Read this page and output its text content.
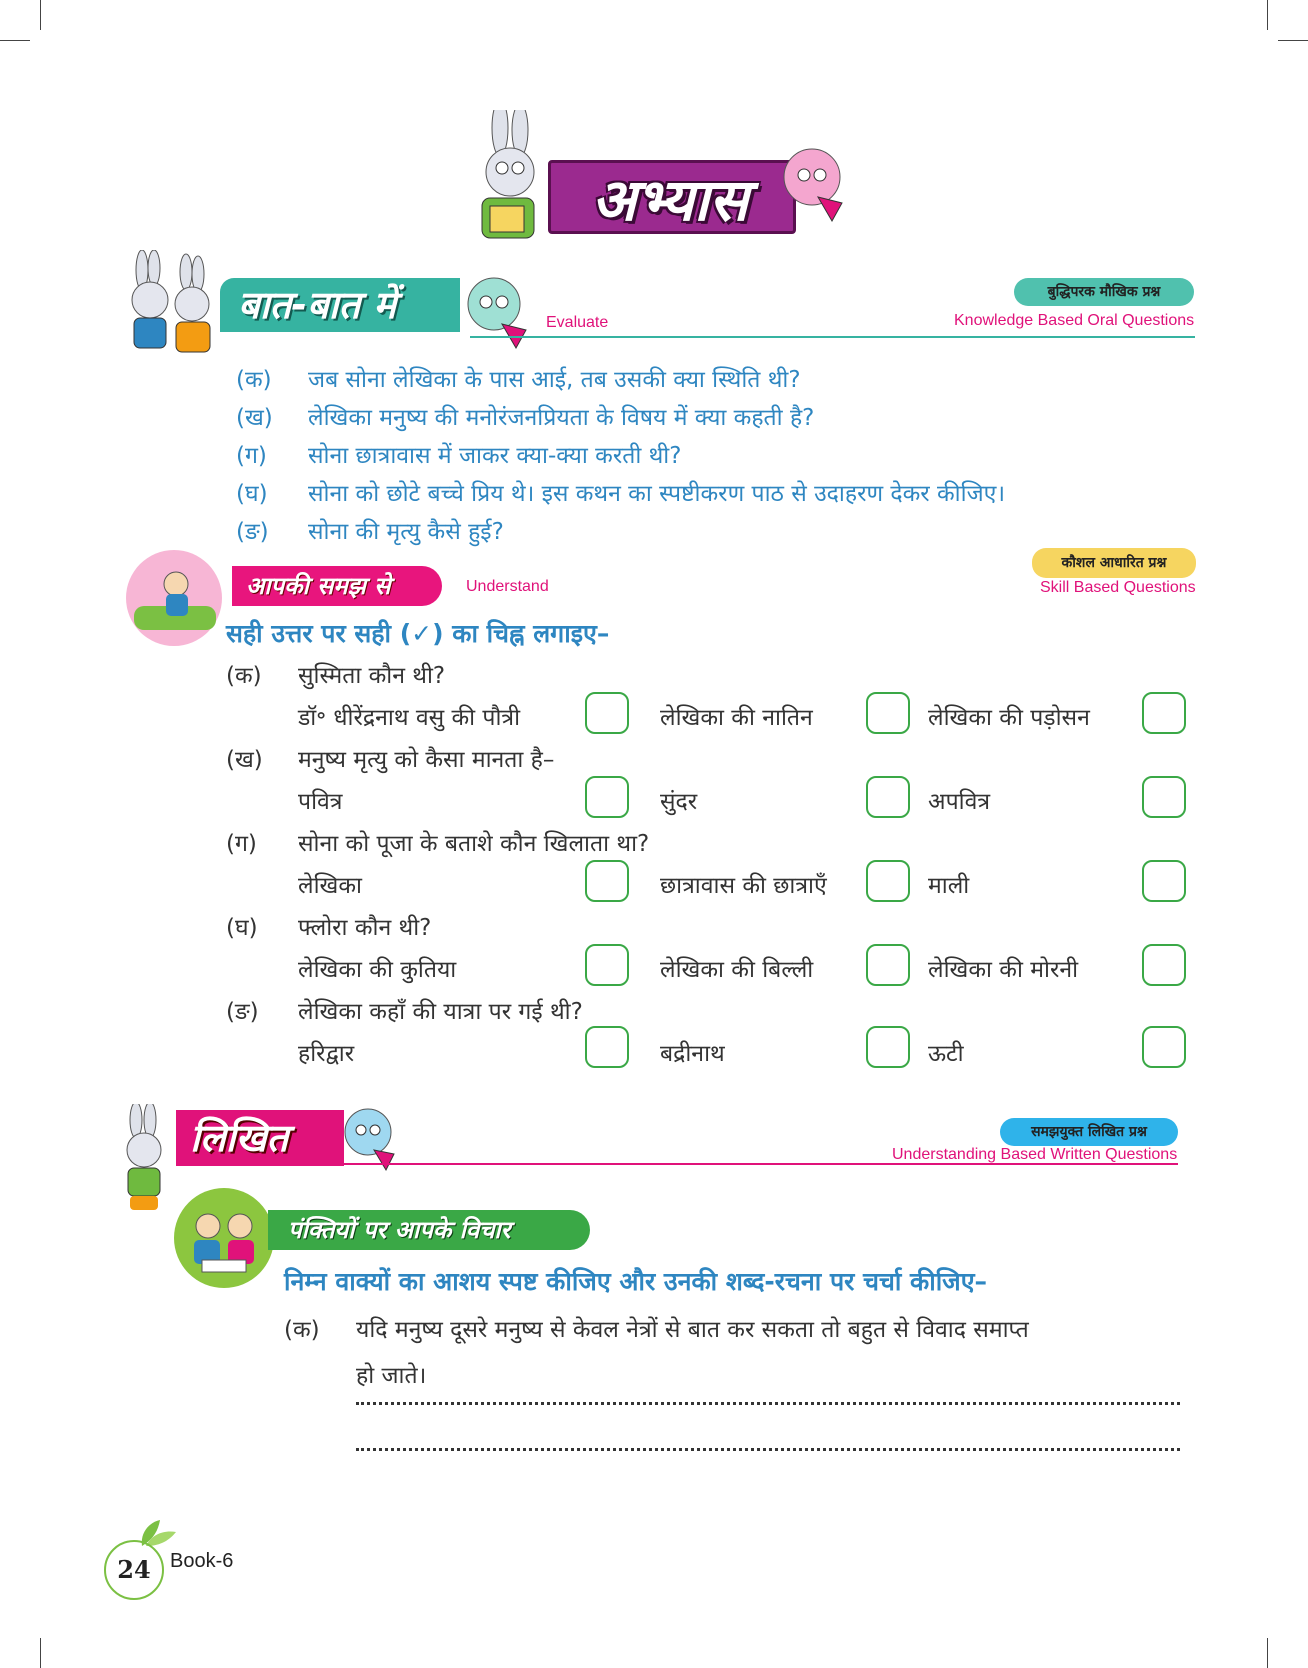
अभ्यास
बात-बात में	Evaluate
बुद्धिपरक मौखिक प्रश्न
Knowledge Based Oral Questions
(क) जब सोना लेखिका के पास आई, तब उसकी क्या स्थिति थी?
(ख) लेखिका मनुष्य की मनोरंजनप्रियता के विषय में क्या कहती है?
(ग) सोना छात्रावास में जाकर क्या-क्या करती थी?
(घ) सोना को छोटे बच्चे प्रिय थे। इस कथन का स्पष्टीकरण पाठ से उदाहरण देकर कीजिए।
(ङ) सोना की मृत्यु कैसे हुई?
आपकी समझ से	Understand
कौशल आधारित प्रश्न
Skill Based Questions
सही उत्तर पर सही (✓) का चिह्न लगाइए–
(क) सुस्मिता कौन थी?
डॉ॰ धीरेंद्रनाथ वसु की पौत्री	लेखिका की नातिन	लेखिका की पड़ोसन
(ख) मनुष्य मृत्यु को कैसा मानता है–
पवित्र	सुंदर	अपवित्र
(ग) सोना को पूजा के बताशे कौन खिलाता था?
लेखिका	छात्रावास की छात्राएँ	माली
(घ) फ्लोरा कौन थी?
लेखिका की कुतिया	लेखिका की बिल्ली	लेखिका की मोरनी
(ङ) लेखिका कहाँ की यात्रा पर गई थी?
हरिद्वार	बद्रीनाथ	ऊटी
लिखित	समझयुक्त लिखित प्रश्न
Understanding Based Written Questions
पंक्तियों पर आपके विचार
निम्न वाक्यों का आशय स्पष्ट कीजिए और उनकी शब्द-रचना पर चर्चा कीजिए–
(क) यदि मनुष्य दूसरे मनुष्य से केवल नेत्रों से बात कर सकता तो बहुत से विवाद समाप्त
हो जाते।
24 Book-6
